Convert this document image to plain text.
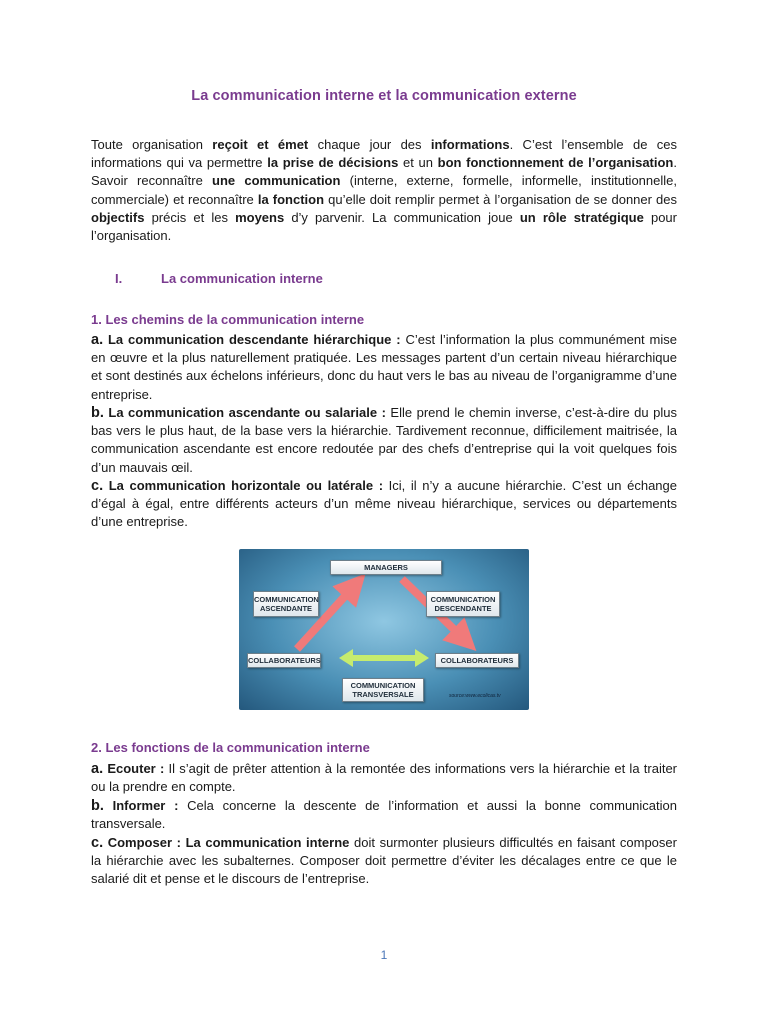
La communication interne et la communication externe

Toute organisation reçoit et émet chaque jour des informations. C’est l’ensemble de ces informations qui va permettre la prise de décisions et un bon fonctionnement de l’organisation. Savoir reconnaître une communication (interne, externe, formelle, informelle, institutionnelle, commerciale) et reconnaître la fonction qu’elle doit remplir permet à l’organisation de se donner des objectifs précis et les moyens d’y parvenir. La communication joue un rôle stratégique pour l’organisation.

I.	La communication interne
1. Les chemins de la communication interne

a. La communication descendante hiérarchique : C’est l’information la plus communément mise en œuvre et la plus naturellement pratiquée. Les messages partent d’un certain niveau hiérarchique et sont destinés aux échelons inférieurs, donc du haut vers le bas au niveau de l’organigramme d’une entreprise.

b. La communication ascendante ou salariale : Elle prend le chemin inverse, c’est-à-dire du plus bas vers le plus haut, de la base vers la hiérarchie. Tardivement reconnue, difficilement maitrisée, la communication ascendante est encore redoutée par des chefs d’entreprise qui la voit quelques fois d’un mauvais œil.

c. La communication horizontale ou latérale : Ici, il n’y a aucune hiérarchie. C’est un échange d’égal à égal, entre différents acteurs d’un même niveau hiérarchique, services ou départements d’une entreprise.

MANAGERS
COMMUNICATION ASCENDANTE
COMMUNICATION DESCENDANTE
COLLABORATEURS	COLLABORATEURS
COMMUNICATION TRANSVERSALE	source:www.ecolicas.tv
2. Les fonctions de la communication interne

a. Ecouter : Il s’agit de prêter attention à la remontée des informations vers la hiérarchie et la traiter ou la prendre en compte.

b. Informer : Cela concerne la descente de l’information et aussi la bonne communication transversale.

c. Composer : La communication interne doit surmonter plusieurs difficultés en faisant composer la hiérarchie avec les subalternes. Composer doit permettre d’éviter les décalages entre ce que le salarié dit et pense et le discours de l’entreprise.

1
